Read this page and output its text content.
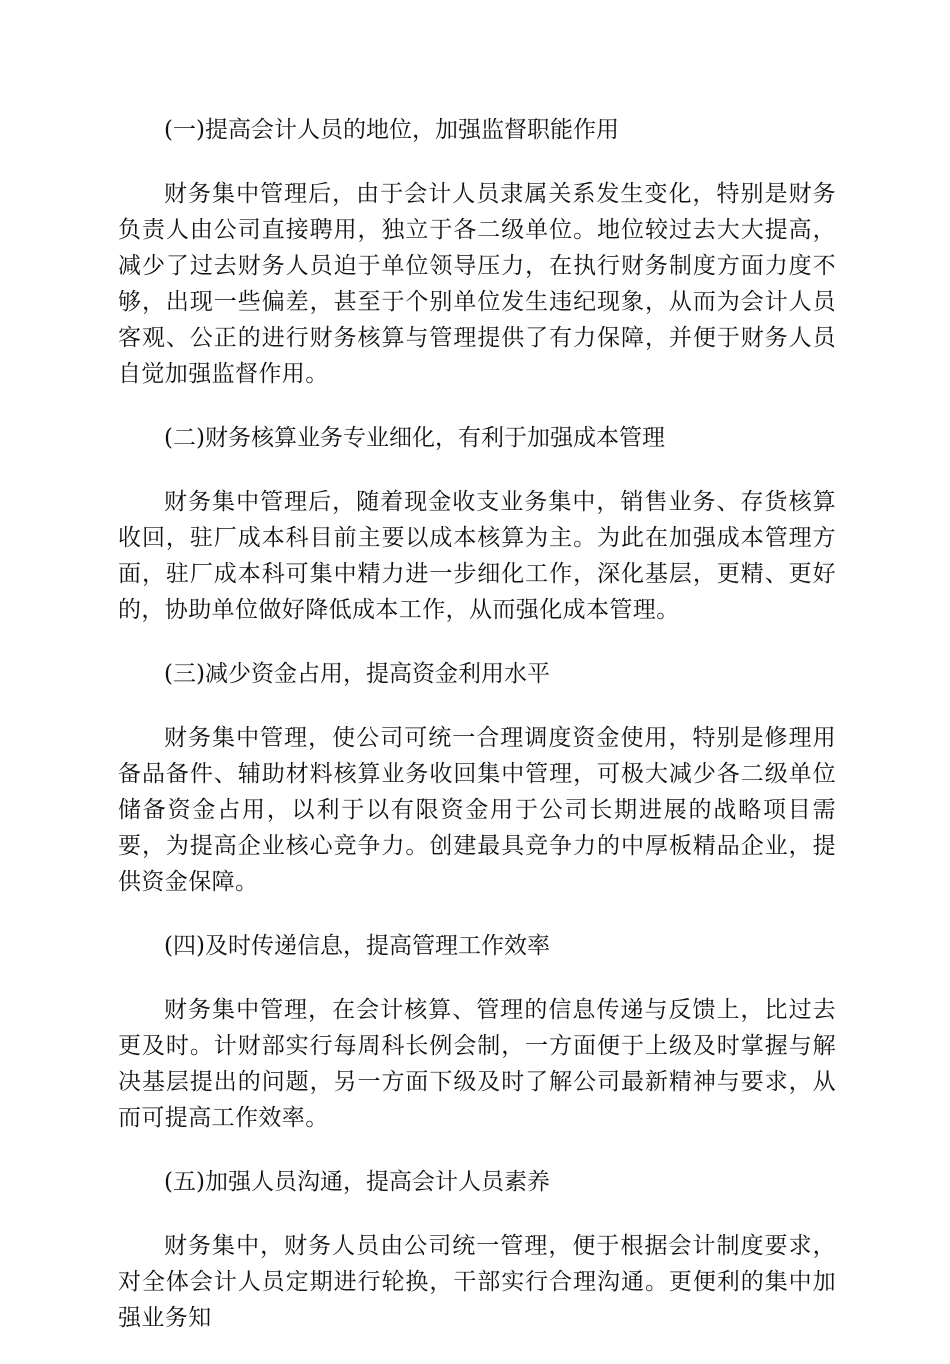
(一)提高会计人员的地位，加强监督职能作用

财务集中管理后，由于会计人员隶属关系发生变化，特别是财务负责人由公司直接聘用，独立于各二级单位。地位较过去大大提高，减少了过去财务人员迫于单位领导压力，在执行财务制度方面力度不够，出现一些偏差，甚至于个别单位发生违纪现象，从而为会计人员客观、公正的进行财务核算与管理提供了有力保障，并便于财务人员自觉加强监督作用。

(二)财务核算业务专业细化，有利于加强成本管理

财务集中管理后，随着现金收支业务集中，销售业务、存货核算收回，驻厂成本科目前主要以成本核算为主。为此在加强成本管理方面，驻厂成本科可集中精力进一步细化工作，深化基层，更精、更好的，协助单位做好降低成本工作，从而强化成本管理。

(三)减少资金占用，提高资金利用水平

财务集中管理，使公司可统一合理调度资金使用，特别是修理用备品备件、辅助材料核算业务收回集中管理，可极大减少各二级单位储备资金占用，以利于以有限资金用于公司长期进展的战略项目需要，为提高企业核心竞争力。创建最具竞争力的中厚板精品企业，提供资金保障。

(四)及时传递信息，提高管理工作效率

财务集中管理，在会计核算、管理的信息传递与反馈上，比过去更及时。计财部实行每周科长例会制，一方面便于上级及时掌握与解决基层提出的问题，另一方面下级及时了解公司最新精神与要求，从而可提高工作效率。

(五)加强人员沟通，提高会计人员素养

财务集中，财务人员由公司统一管理，便于根据会计制度要求，对全体会计人员定期进行轮换，干部实行合理沟通。更便利的集中加强业务知
